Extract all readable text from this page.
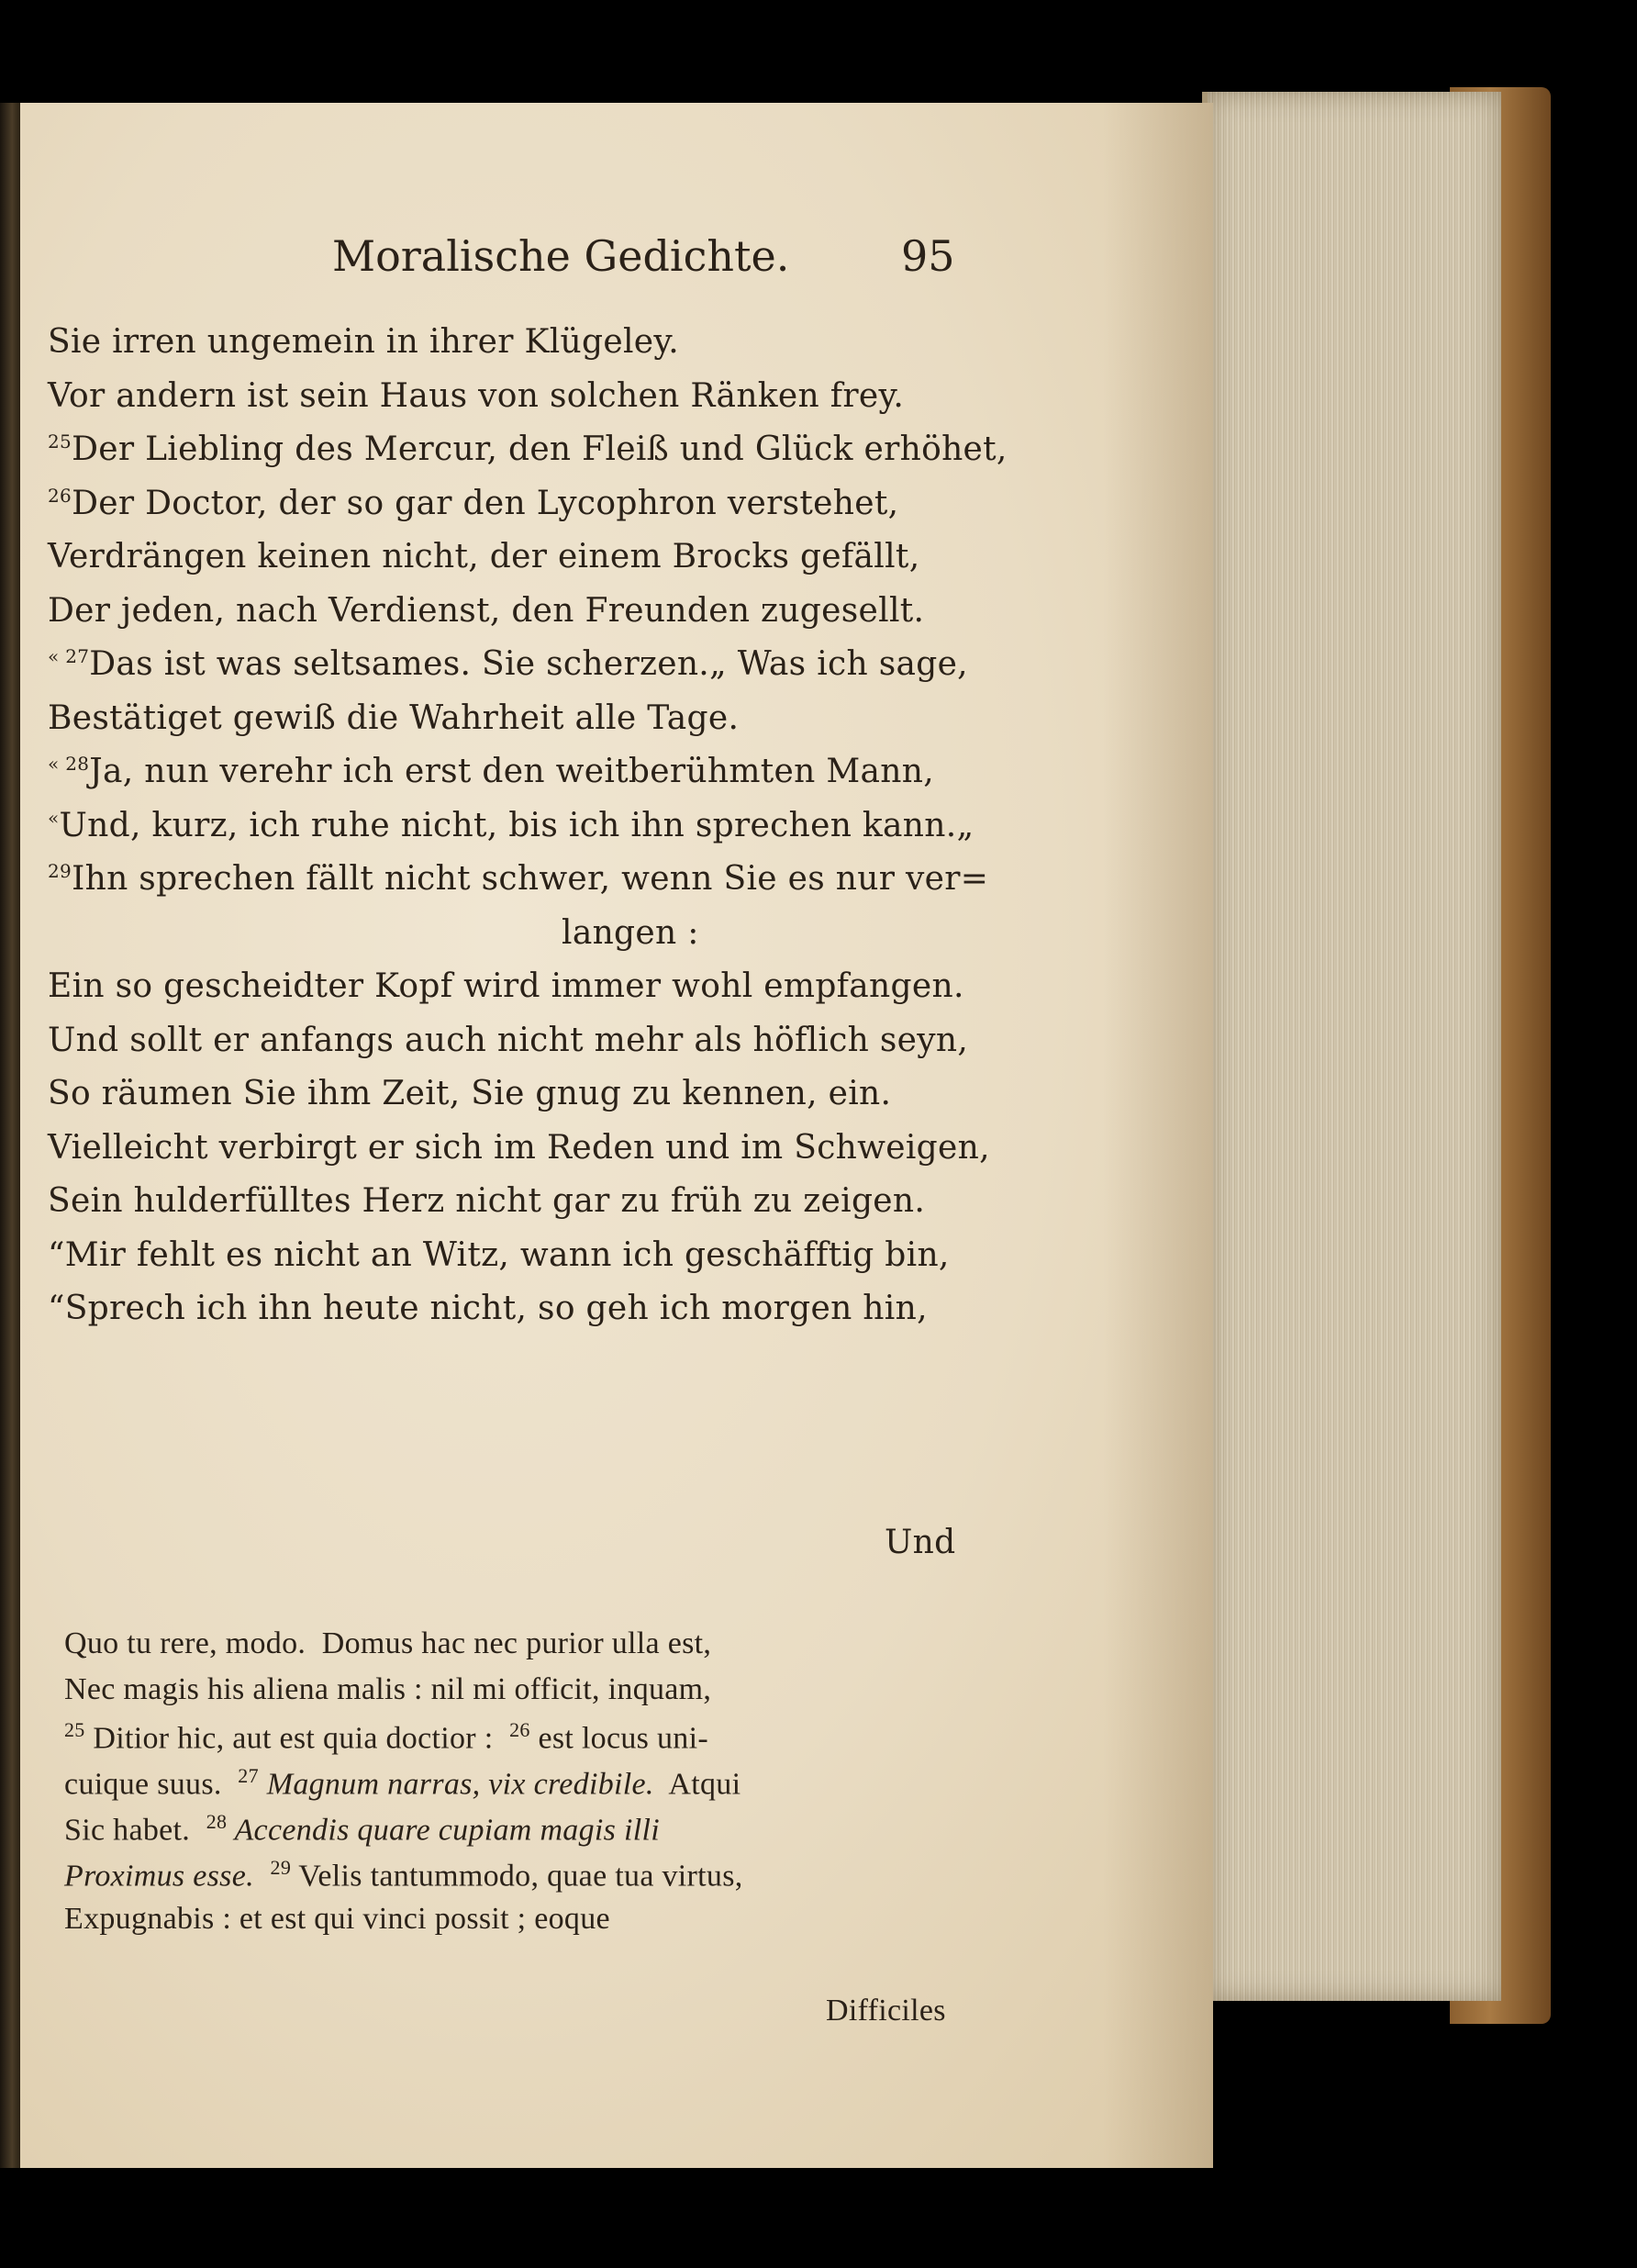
Moralische Gedichte.	95
Sie irren ungemein in ihrer Klügeley.
Vor andern ist sein Haus von solchen Ränken frey.
$^{25}$Der Liebling des Mercur, den Fleiß und Glück erhöhet,
$^{26}$Der Doctor, der so gar den Lycophron verstehet,
Verdrängen keinen nicht, der einem Brocks gefällt,
Der jeden, nach Verdienst, den Freunden zugesellt.
$^{« 27}$Das ist was seltsames. Sie scherzen.„ Was ich sage,
Bestätiget gewiß die Wahrheit alle Tage.
$^{« 28}$Ja, nun verehr ich erst den weitberühmten Mann,
«Und, kurz, ich ruhe nicht, bis ich ihn sprechen kann.„
$^{29}$Ihn sprechen fällt nicht schwer, wenn Sie es nur ver=
langen :
Ein so gescheidter Kopf wird immer wohl empfangen.
Und sollt er anfangs auch nicht mehr als höflich seyn,
So räumen Sie ihm Zeit, Sie gnug zu kennen, ein.
Vielleicht verbirgt er sich im Reden und im Schweigen,
Sein hulderfülltes Herz nicht gar zu früh zu zeigen.
“Mir fehlt es nicht an Witz, wann ich geschäfftig bin,
“Sprech ich ihn heute nicht, so geh ich morgen hin,
Und
Quo tu rere, modo.  Domus hac nec purior ulla est,
Nec magis his aliena malis : nil mi officit, inquam,
$^{25}$ Ditior hic, aut est quia doctior :  $^{26}$ est locus uni-
cuique suus.  $^{27}$ Magnum narras, vix credibile.  Atqui
Sic habet.  $^{28}$ Accendis quare cupiam magis illi
Proximus esse. $^{29}$ Velis tantummodo, quae tua virtus,
Expugnabis : et est qui vinci possit ; eoque
Difficiles
